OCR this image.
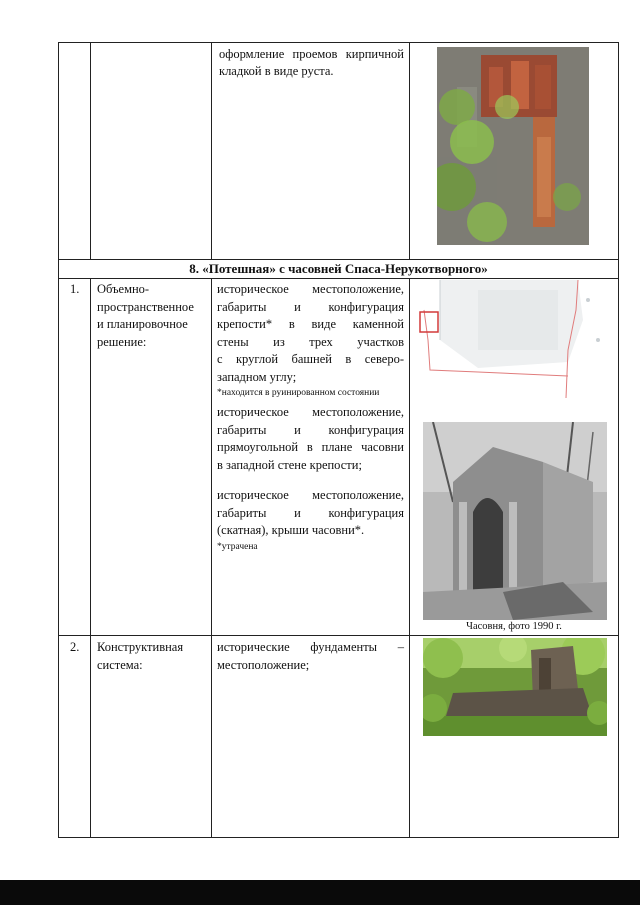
оформление проемов кирпичной
кладкой в виде руста.
8. «Потешная» с часовней Спаса-Нерукотворного»
1. Объемно-
пространственное
и планировочное
решение:
историческое местоположение,
габариты и конфигурация
крепости* в виде каменной
стены из трех участков
с круглой башней в северо-
западном углу;
*находится в руинированном состоянии
историческое местоположение,
габариты и конфигурация
прямоугольной в плане часовни
в западной стене крепости;
историческое местоположение,
габариты и конфигурация
(скатная), крыши часовни*.
*утрачена
Часовня, фото 1990 г.
2. Конструктивная
система:
исторические фундаменты –
местоположение;
